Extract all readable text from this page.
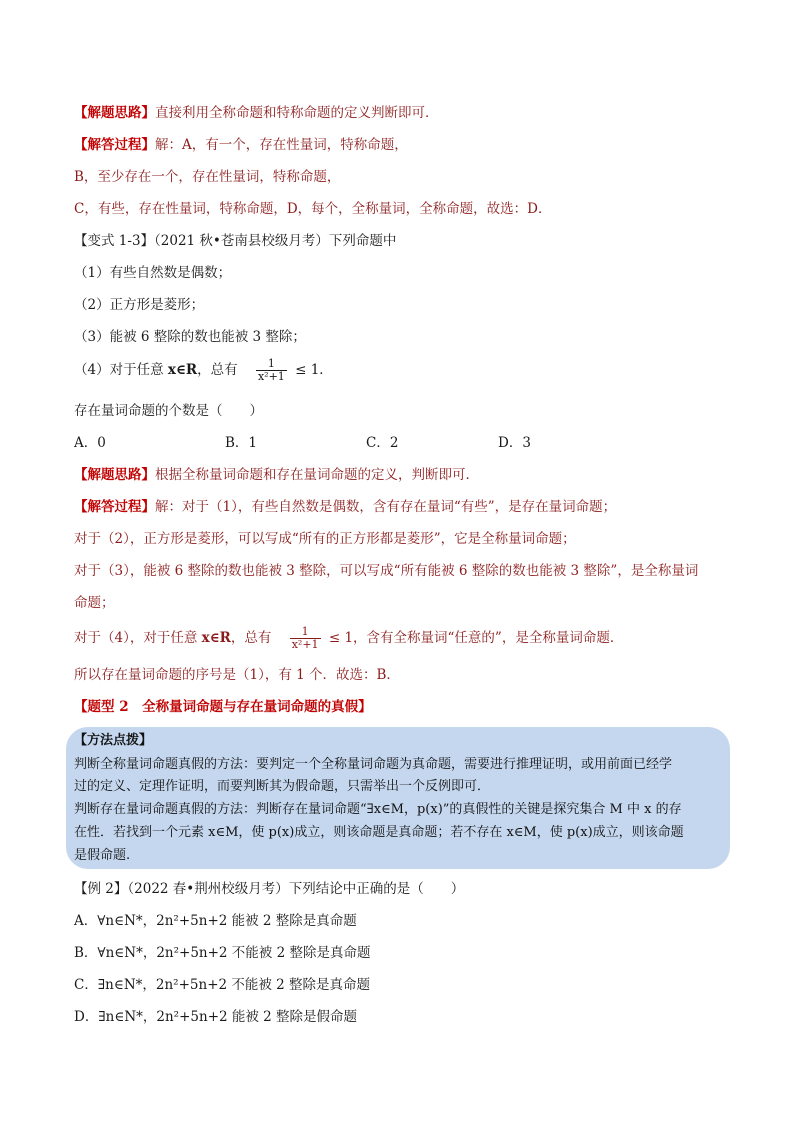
【解题思路】直接利用全称命题和特称命题的定义判断即可．
【解答过程】解：A，有一个，存在性量词，特称命题，
B，至少存在一个，存在性量词，特称命题，
C，有些，存在性量词，特称命题，D，每个，全称量词，全称命题，故选：D．
【变式 1-3】（2021 秋•苍南县校级月考）下列命题中
（1）有些自然数是偶数；
（2）正方形是菱形；
（3）能被 6 整除的数也能被 3 整除；
（4）对于任意 x∈R，总有 $\frac{1}{\text{x²+1}} \le 1$．
存在量词命题的个数是（　　）
A．0	B．1	C．2	D．3
【解题思路】根据全称量词命题和存在量词命题的定义，判断即可．
【解答过程】解：对于（1），有些自然数是偶数，含有存在量词“有些”，是存在量词命题；
对于（2），正方形是菱形，可以写成“所有的正方形都是菱形”，它是全称量词命题；
对于（3），能被 6 整除的数也能被 3 整除，可以写成“所有能被 6 整除的数也能被 3 整除”，是全称量词
命题；
对于（4），对于任意 x∈R，总有 $\frac{1}{\text{x²+1}} \le 1$，含有全称量词“任意的”，是全称量词命题．
所以存在量词命题的序号是（1），有 1 个．故选：B．
【题型 2　全称量词命题与存在量词命题的真假】
【方法点拨】
判断全称量词命题真假的方法：要判定一个全称量词命题为真命题，需要进行推理证明，或用前面已经学
过的定义、定理作证明，而要判断其为假命题，只需举出一个反例即可．
判断存在量词命题真假的方法：判断存在量词命题“∃x∈M，p(x)”的真假性的关键是探究集合 M 中 x 的存
在性．若找到一个元素 x∈M，使 p(x)成立，则该命题是真命题；若不存在 x∈M，使 p(x)成立，则该命题
是假命题.
【例 2】（2022 春•荆州校级月考）下列结论中正确的是（　　）
A．∀n∈N*，2n²+5n+2 能被 2 整除是真命题
B．∀n∈N*，2n²+5n+2 不能被 2 整除是真命题
C．∃n∈N*，2n²+5n+2 不能被 2 整除是真命题
D．∃n∈N*，2n²+5n+2 能被 2 整除是假命题
